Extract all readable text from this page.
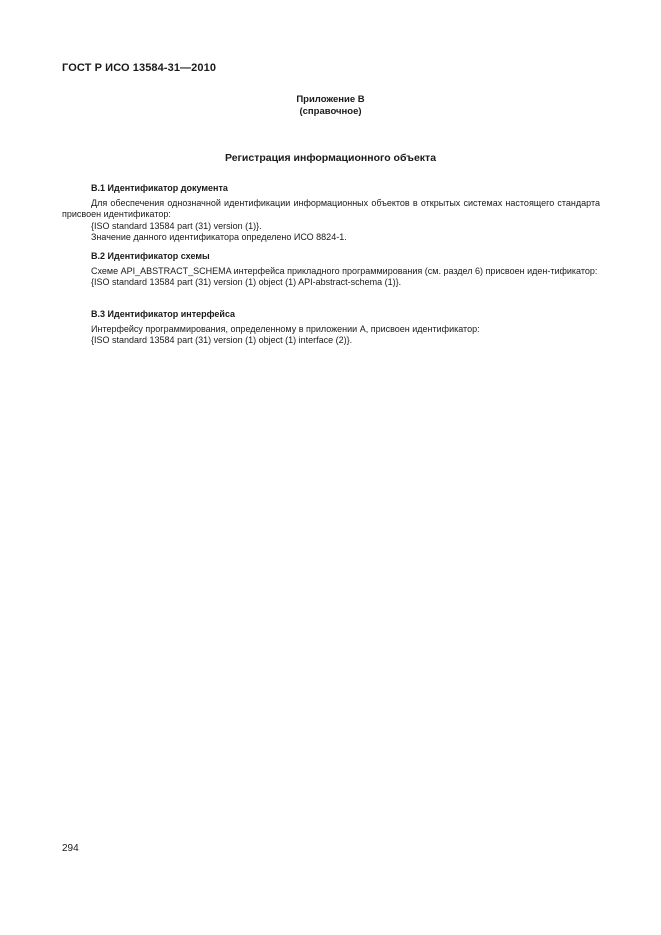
ГОСТ Р ИСО 13584-31—2010
Приложение B
(справочное)
Регистрация информационного объекта

B.1 Идентификатор документа

Для обеспечения однозначной идентификации информационных объектов в открытых системах настоящего стандарта присвоен идентификатор:

{ISO standard 13584 part (31) version (1)}.

Значение данного идентификатора определено ИСО 8824-1.

B.2 Идентификатор схемы

Схеме API_ABSTRACT_SCHEMA интерфейса прикладного программирования (см. раздел 6) присвоен иден-тификатор:

{ISO standard 13584 part (31) version (1) object (1) API-abstract-schema (1)}.

B.3 Идентификатор интерфейса

Интерфейсу программирования, определенному в приложении А, присвоен идентификатор:

{ISO standard 13584 part (31) version (1) object (1) interface (2)}.

294
